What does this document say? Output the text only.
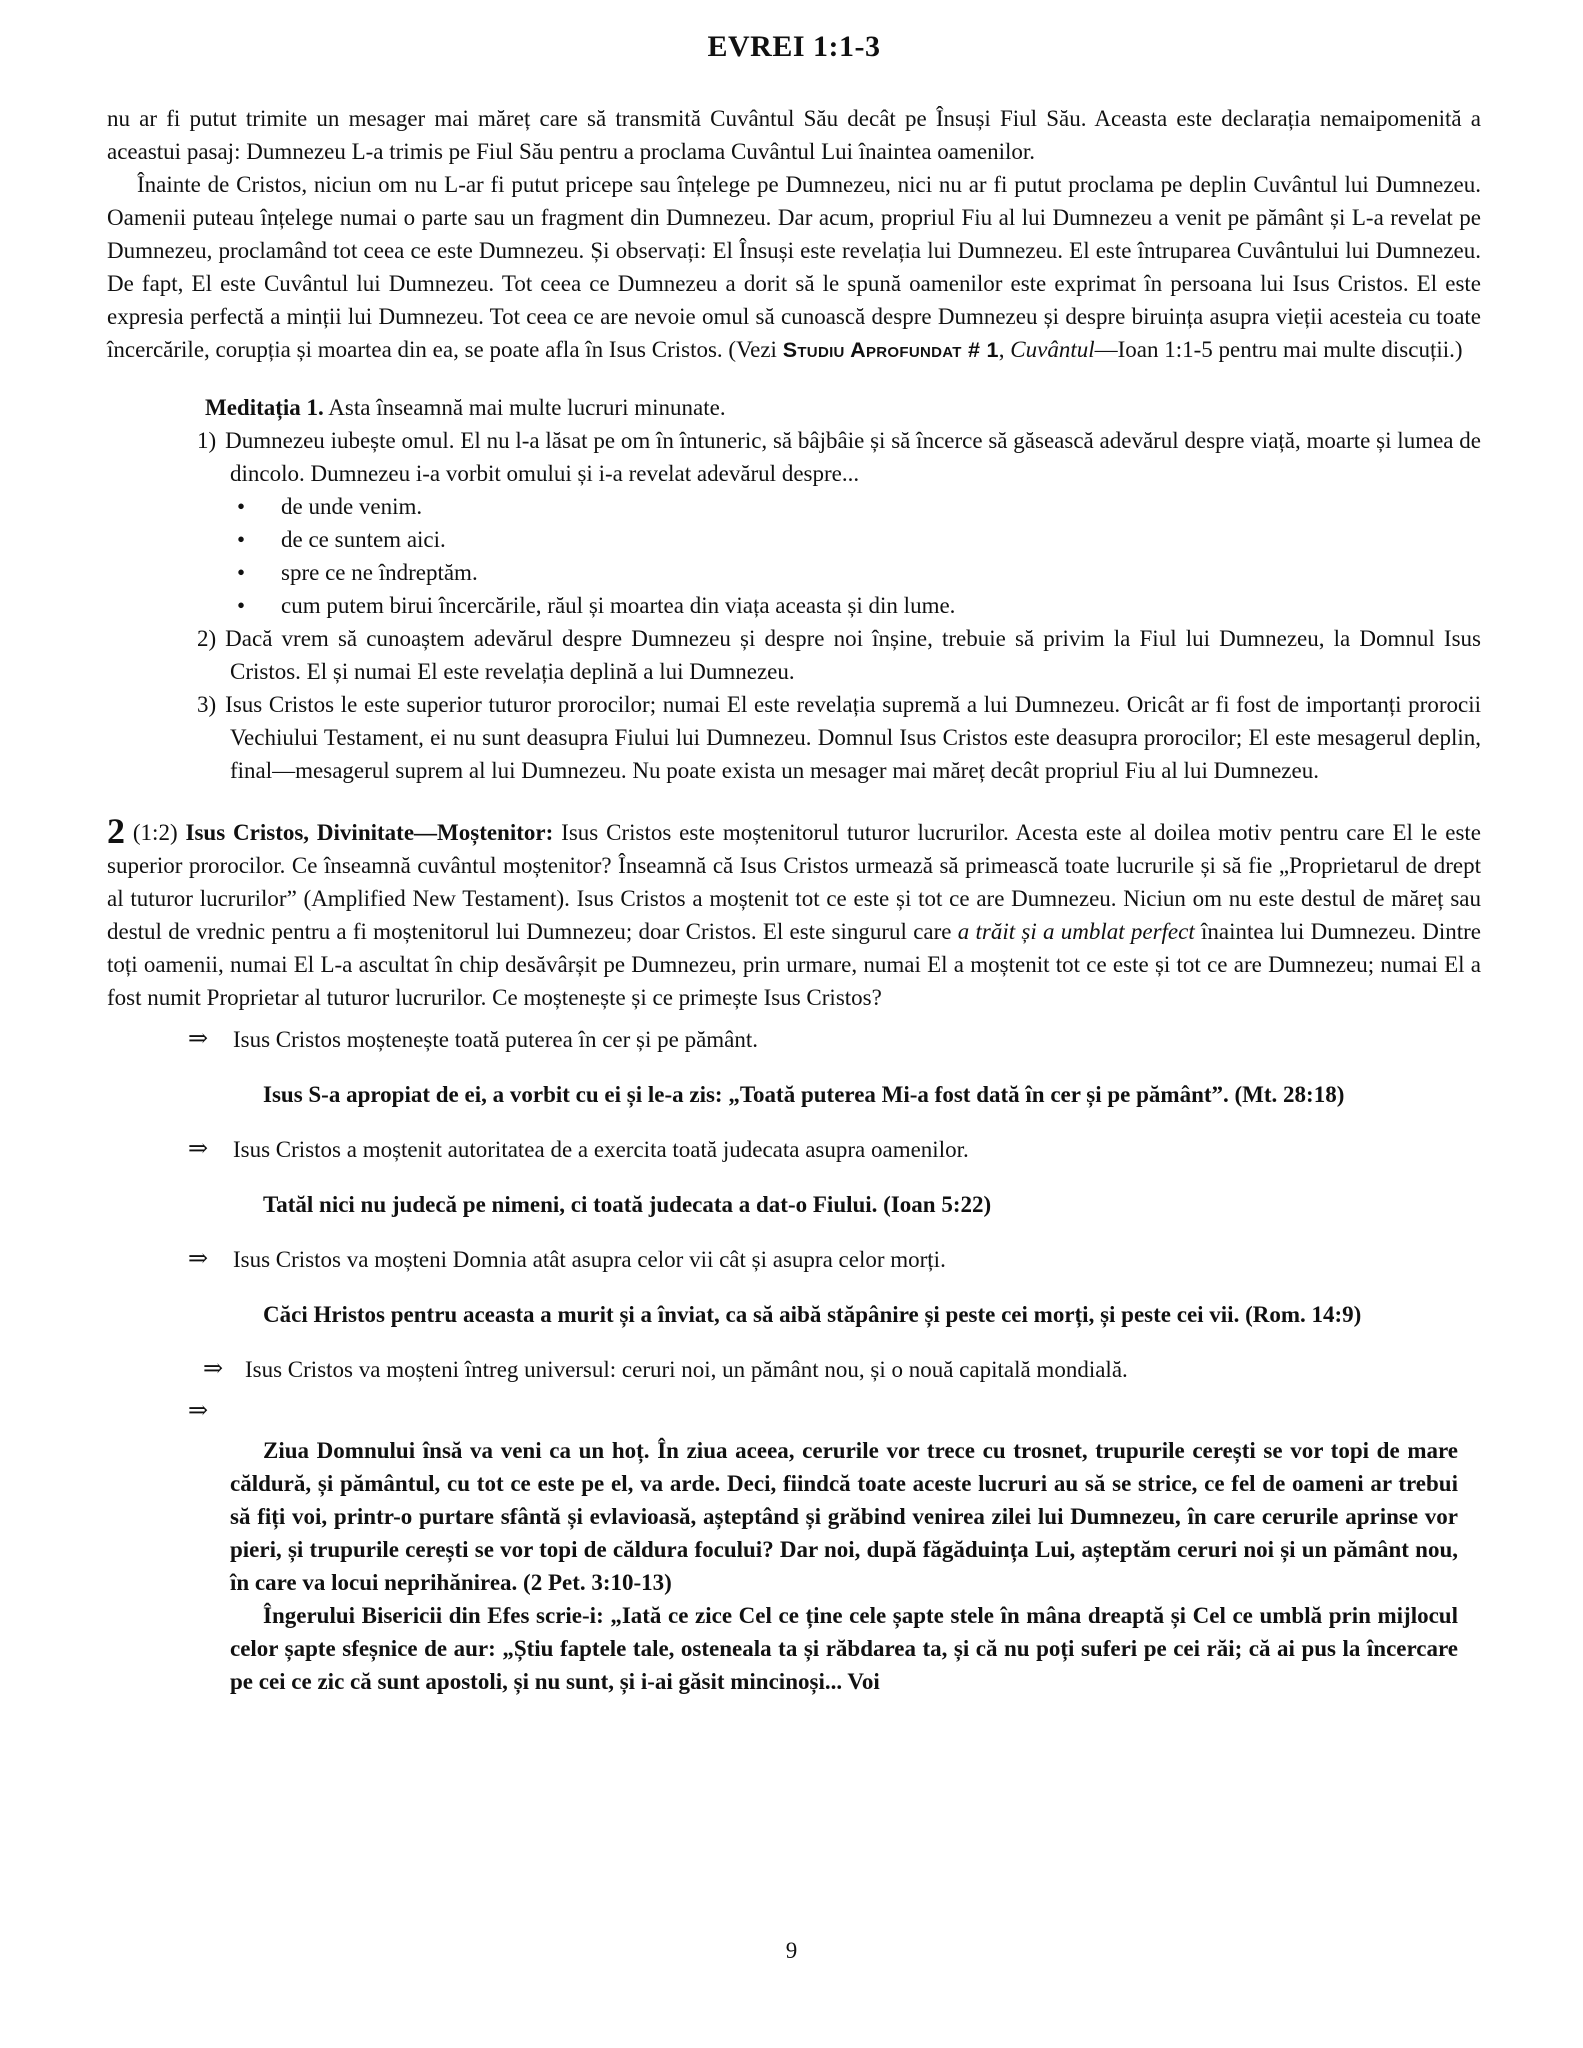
EVREI 1:1-3

nu ar fi putut trimite un mesager mai măreț care să transmită Cuvântul Său decât pe Însuși Fiul Său. Aceasta este declarația nemaipomenită a aceastui pasaj: Dumnezeu L-a trimis pe Fiul Său pentru a proclama Cuvântul Lui înaintea oamenilor.

Înainte de Cristos, niciun om nu L-ar fi putut pricepe sau înțelege pe Dumnezeu, nici nu ar fi putut proclama pe deplin Cuvântul lui Dumnezeu. Oamenii puteau înțelege numai o parte sau un fragment din Dumnezeu. Dar acum, propriul Fiu al lui Dumnezeu a venit pe pământ și L-a revelat pe Dumnezeu, proclamând tot ceea ce este Dumnezeu. Și observați: El Însuși este revelația lui Dumnezeu. El este întruparea Cuvântului lui Dumnezeu. De fapt, El este Cuvântul lui Dumnezeu. Tot ceea ce Dumnezeu a dorit să le spună oamenilor este exprimat în persoana lui Isus Cristos. El este expresia perfectă a minții lui Dumnezeu. Tot ceea ce are nevoie omul să cunoască despre Dumnezeu și despre biruința asupra vieții acesteia cu toate încercările, corupția și moartea din ea, se poate afla în Isus Cristos. (Vezi Studiu Aprofundat # 1, Cuvântul—Ioan 1:1-5 pentru mai multe discuții.)

Meditația 1. Asta înseamnă mai multe lucruri minunate.

1) Dumnezeu iubește omul. El nu l-a lăsat pe om în întuneric, să bâjbâie și să încerce să găsească adevărul despre viață, moarte și lumea de dincolo. Dumnezeu i-a vorbit omului și i-a revelat adevărul despre...

•	de unde venim.
•	de ce suntem aici.
•	spre ce ne îndreptăm.
•	cum putem birui încercările, răul și moartea din viața aceasta și din lume.

2) Dacă vrem să cunoaștem adevărul despre Dumnezeu și despre noi înșine, trebuie să privim la Fiul lui Dumnezeu, la Domnul Isus Cristos. El și numai El este revelația deplină a lui Dumnezeu.

3) Isus Cristos le este superior tuturor prorocilor; numai El este revelația supremă a lui Dumnezeu. Oricât ar fi fost de importanți prorocii Vechiului Testament, ei nu sunt deasupra Fiului lui Dumnezeu. Domnul Isus Cristos este deasupra prorocilor; El este mesagerul deplin, final—mesagerul suprem al lui Dumnezeu. Nu poate exista un mesager mai măreț decât propriul Fiu al lui Dumnezeu.

2 (1:2) Isus Cristos, Divinitate—Moștenitor: Isus Cristos este moștenitorul tuturor lucrurilor. Acesta este al doilea motiv pentru care El le este superior prorocilor. Ce înseamnă cuvântul moștenitor? Înseamnă că Isus Cristos urmează să primească toate lucrurile și să fie „Proprietarul de drept al tuturor lucrurilor” (Amplified New Testament). Isus Cristos a moștenit tot ce este și tot ce are Dumnezeu. Niciun om nu este destul de măreț sau destul de vrednic pentru a fi moștenitorul lui Dumnezeu; doar Cristos. El este singurul care a trăit și a umblat perfect înaintea lui Dumnezeu. Dintre toți oamenii, numai El L-a ascultat în chip desăvârșit pe Dumnezeu, prin urmare, numai El a moștenit tot ce este și tot ce are Dumnezeu; numai El a fost numit Proprietar al tuturor lucrurilor. Ce moștenește și ce primește Isus Cristos?

⇒	Isus Cristos moștenește toată puterea în cer și pe pământ.

Isus S-a apropiat de ei, a vorbit cu ei și le-a zis: „Toată puterea Mi-a fost dată în cer și pe pământ”. (Mt. 28:18)

⇒	Isus Cristos a moștenit autoritatea de a exercita toată judecata asupra oamenilor.

Tatăl nici nu judecă pe nimeni, ci toată judecata a dat-o Fiului. (Ioan 5:22)

⇒	Isus Cristos va moșteni Domnia atât asupra celor vii cât și asupra celor morți.

Căci Hristos pentru aceasta a murit și a înviat, ca să aibă stăpânire și peste cei morți, și peste cei vii. (Rom. 14:9)

⇒ Isus Cristos va moșteni întreg universul: ceruri noi, un pământ nou, și o nouă capitală mondială.
⇒

Ziua Domnului însă va veni ca un hoț. În ziua aceea, cerurile vor trece cu trosnet, trupurile cerești se vor topi de mare căldură, și pământul, cu tot ce este pe el, va arde. Deci, fiindcă toate aceste lucruri au să se strice, ce fel de oameni ar trebui să fiți voi, printr-o purtare sfântă și evlavioasă, așteptând și grăbind venirea zilei lui Dumnezeu, în care cerurile aprinse vor pieri, și trupurile cerești se vor topi de căldura focului? Dar noi, după făgăduința Lui, așteptăm ceruri noi și un pământ nou, în care va locui neprihănirea. (2 Pet. 3:10-13)

Îngerului Bisericii din Efes scrie-i: „Iată ce zice Cel ce ține cele șapte stele în mâna dreaptă și Cel ce umblă prin mijlocul celor șapte sfeșnice de aur: „Știu faptele tale, osteneala ta și răbdarea ta, și că nu poți suferi pe cei răi; că ai pus la încercare pe cei ce zic că sunt apostoli, și nu sunt, și i-ai găsit mincinoși... Voi

9
